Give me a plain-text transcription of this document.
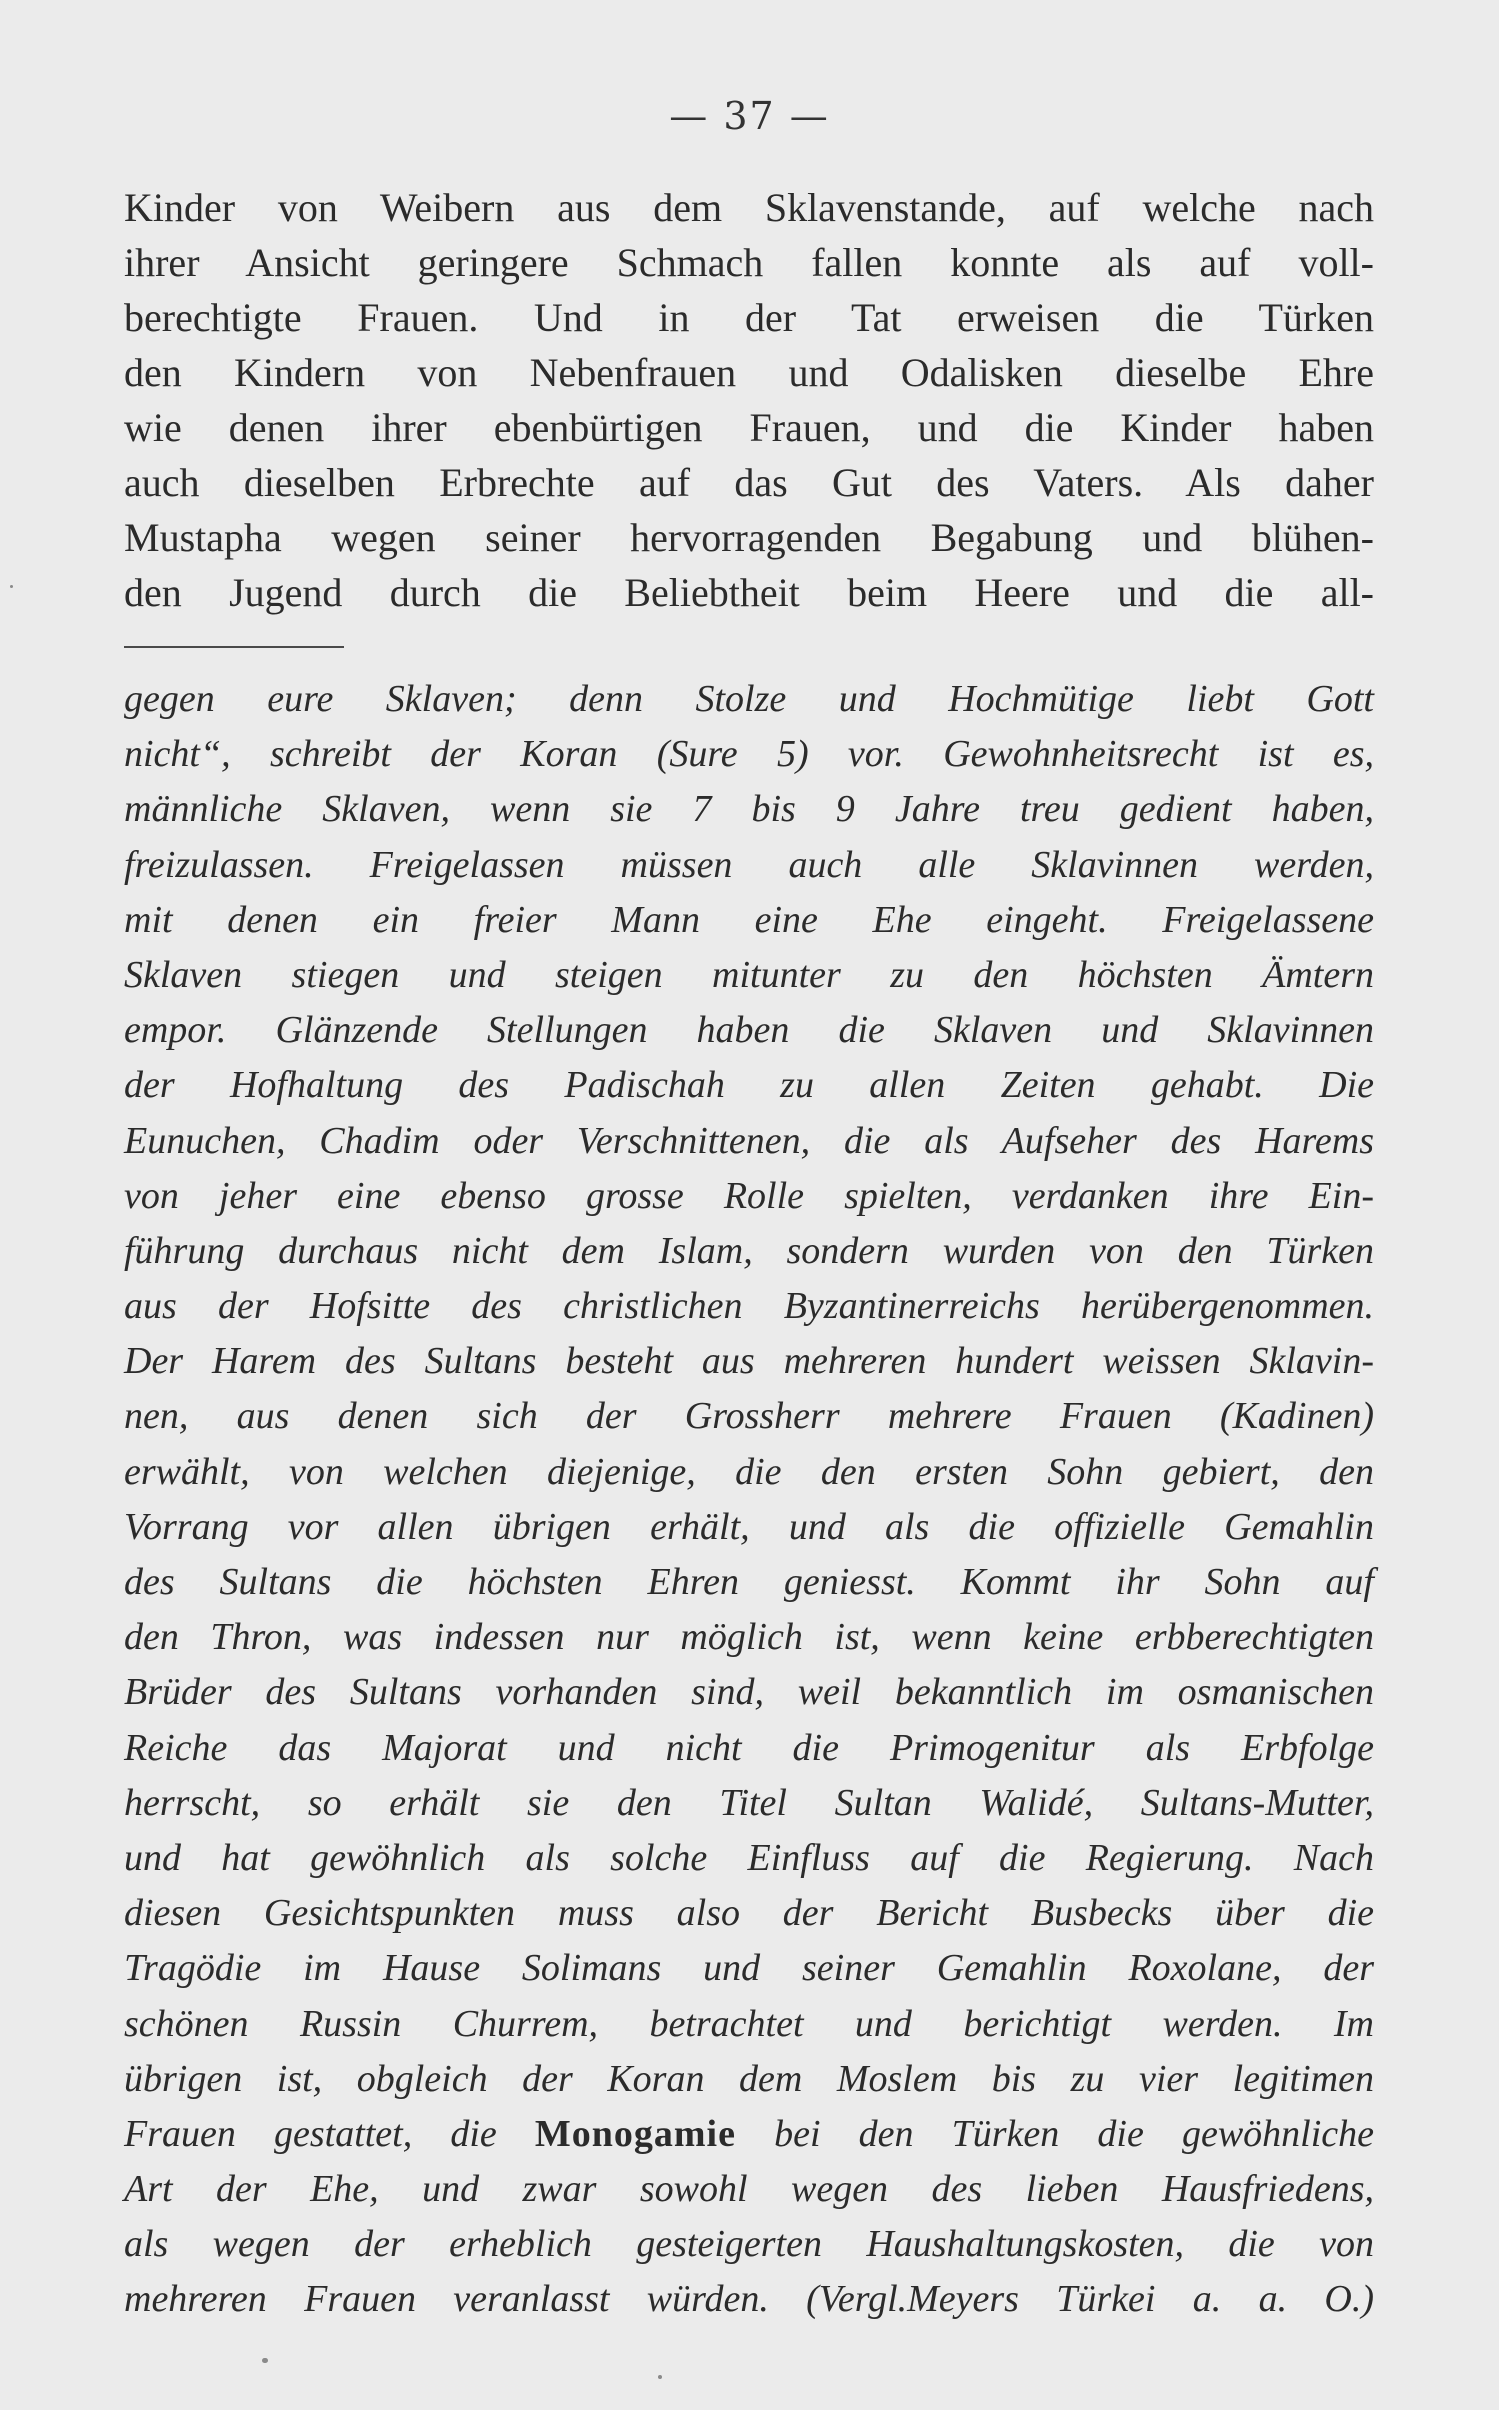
— 37 —
Kinder von Weibern aus dem Sklavenstande, auf welche nach
ihrer Ansicht geringere Schmach fallen konnte als auf voll-
berechtigte Frauen. Und in der Tat erweisen die Türken
den Kindern von Nebenfrauen und Odalisken dieselbe Ehre
wie denen ihrer ebenbürtigen Frauen, und die Kinder haben
auch dieselben Erbrechte auf das Gut des Vaters. Als daher
Mustapha wegen seiner hervorragenden Begabung und blühen-
den Jugend durch die Beliebtheit beim Heere und die all-
gegen eure Sklaven; denn Stolze und Hochmütige liebt Gott
nicht“, schreibt der Koran (Sure 5) vor. Gewohnheitsrecht ist es,
männliche Sklaven, wenn sie 7 bis 9 Jahre treu gedient haben,
freizulassen. Freigelassen müssen auch alle Sklavinnen werden,
mit denen ein freier Mann eine Ehe eingeht. Freigelassene
Sklaven stiegen und steigen mitunter zu den höchsten Ämtern
empor. Glänzende Stellungen haben die Sklaven und Sklavinnen
der Hofhaltung des Padischah zu allen Zeiten gehabt. Die
Eunuchen, Chadim oder Verschnittenen, die als Aufseher des Harems
von jeher eine ebenso grosse Rolle spielten, verdanken ihre Ein-
führung durchaus nicht dem Islam, sondern wurden von den Türken
aus der Hofsitte des christlichen Byzantinerreichs herübergenommen.
Der Harem des Sultans besteht aus mehreren hundert weissen Sklavin-
nen, aus denen sich der Grossherr mehrere Frauen (Kadinen)
erwählt, von welchen diejenige, die den ersten Sohn gebiert, den
Vorrang vor allen übrigen erhält, und als die offizielle Gemahlin
des Sultans die höchsten Ehren geniesst. Kommt ihr Sohn auf
den Thron, was indessen nur möglich ist, wenn keine erbberechtigten
Brüder des Sultans vorhanden sind, weil bekanntlich im osmanischen
Reiche das Majorat und nicht die Primogenitur als Erbfolge
herrscht, so erhält sie den Titel Sultan Walidé, Sultans-Mutter,
und hat gewöhnlich als solche Einfluss auf die Regierung. Nach
diesen Gesichtspunkten muss also der Bericht Busbecks über die
Tragödie im Hause Solimans und seiner Gemahlin Roxolane, der
schönen Russin Churrem, betrachtet und berichtigt werden. Im
übrigen ist, obgleich der Koran dem Moslem bis zu vier legitimen
Frauen gestattet, die Monogamie bei den Türken die gewöhnliche
Art der Ehe, und zwar sowohl wegen des lieben Hausfriedens,
als wegen der erheblich gesteigerten Haushaltungskosten, die von
mehreren Frauen veranlasst würden. (Vergl.Meyers Türkei a. a. O.)
